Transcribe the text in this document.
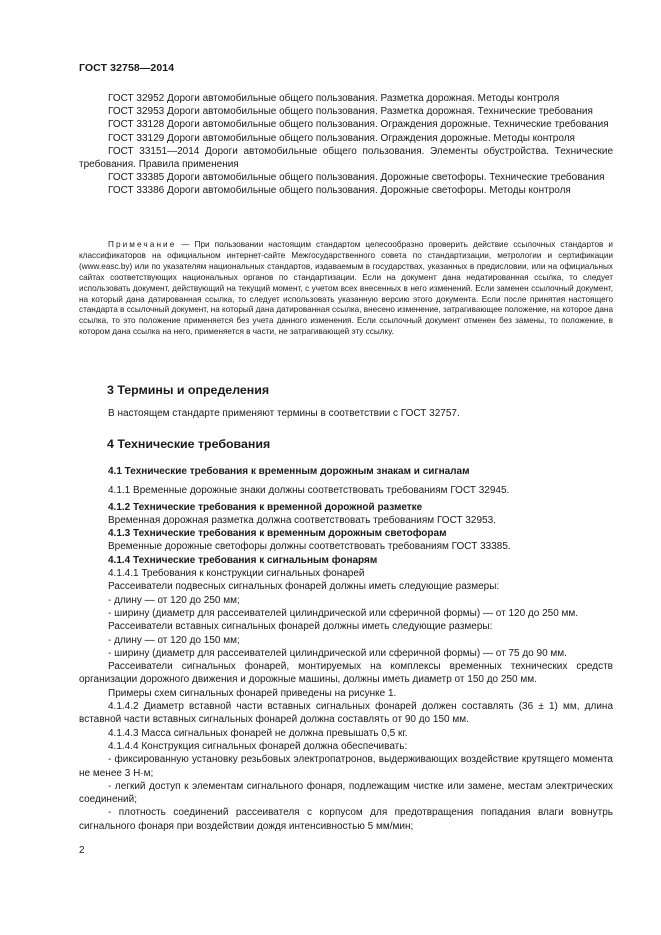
ГОСТ 32758—2014

ГОСТ 32952 Дороги автомобильные общего пользования. Разметка дорожная. Методы контроля

ГОСТ 32953 Дороги автомобильные общего пользования. Разметка дорожная. Технические требования

ГОСТ 33128 Дороги автомобильные общего пользования. Ограждения дорожные. Технические требования

ГОСТ 33129 Дороги автомобильные общего пользования. Ограждения дорожные. Методы контроля

ГОСТ 33151—2014 Дороги автомобильные общего пользования. Элементы обустройства. Технические требования. Правила применения

ГОСТ 33385 Дороги автомобильные общего пользования. Дорожные светофоры. Технические требования

ГОСТ 33386 Дороги автомобильные общего пользования. Дорожные светофоры. Методы контроля

Примечание — При пользовании настоящим стандартом целесообразно проверить действие ссылочных стандартов и классификаторов на официальном интернет-сайте Межгосударственного совета по стандартизации, метрологии и сертификации (www.easc.by) или по указателям национальных стандартов, издаваемым в государствах, указанных в предисловии, или на официальных сайтах соответствующих национальных органов по стандартизации. Если на документ дана недатированная ссылка, то следует использовать документ, действующий на текущий момент, с учетом всех внесенных в него изменений. Если заменен ссылочный документ, на который дана датированная ссылка, то следует использовать указанную версию этого документа. Если после принятия настоящего стандарта в ссылочный документ, на который дана датированная ссылка, внесено изменение, затрагивающее положение, на которое дана ссылка, то это положение применяется без учета данного изменения. Если ссылочный документ отменен без замены, то положение, в котором дана ссылка на него, применяется в части, не затрагивающей эту ссылку.
3 Термины и определения
В настоящем стандарте применяют термины в соответствии с ГОСТ 32757.
4 Технические требования

4.1 Технические требования к временным дорожным знакам и сигналам

4.1.1 Временные дорожные знаки должны соответствовать требованиям ГОСТ 32945.

4.1.2 Технические требования к временной дорожной разметке

Временная дорожная разметка должна соответствовать требованиям ГОСТ 32953.

4.1.3 Технические требования к временным дорожным светофорам

Временные дорожные светофоры должны соответствовать требованиям ГОСТ 33385.

4.1.4 Технические требования к сигнальным фонарям

4.1.4.1 Требования к конструкции сигнальных фонарей

Рассеиватели подвесных сигнальных фонарей должны иметь следующие размеры:

- длину — от 120 до 250 мм;

- ширину (диаметр для рассеивателей цилиндрической или сферичной формы) — от 120 до 250 мм.

Рассеиватели вставных сигнальных фонарей должны иметь следующие размеры:

- длину — от 120 до 150 мм;

- ширину (диаметр для рассеивателей цилиндрической или сферичной формы) — от 75 до 90 мм.

Рассеиватели сигнальных фонарей, монтируемых на комплексы временных технических средств организации дорожного движения и дорожные машины, должны иметь диаметр от 150 до 250 мм.

Примеры схем сигнальных фонарей приведены на рисунке 1.

4.1.4.2 Диаметр вставной части вставных сигнальных фонарей должен составлять (36 ± 1) мм, длина вставной части вставных сигнальных фонарей должна составлять от 90 до 150 мм.

4.1.4.3 Масса сигнальных фонарей не должна превышать 0,5 кг.

4.1.4.4 Конструкция сигнальных фонарей должна обеспечивать:

- фиксированную установку резьбовых электропатронов, выдерживающих воздействие крутящего момента не менее 3 Н·м;

- легкий доступ к элементам сигнального фонаря, подлежащим чистке или замене, местам электрических соединений;

- плотность соединений рассеивателя с корпусом для предотвращения попадания влаги вовнутрь сигнального фонаря при воздействии дождя интенсивностью 5 мм/мин;

2
